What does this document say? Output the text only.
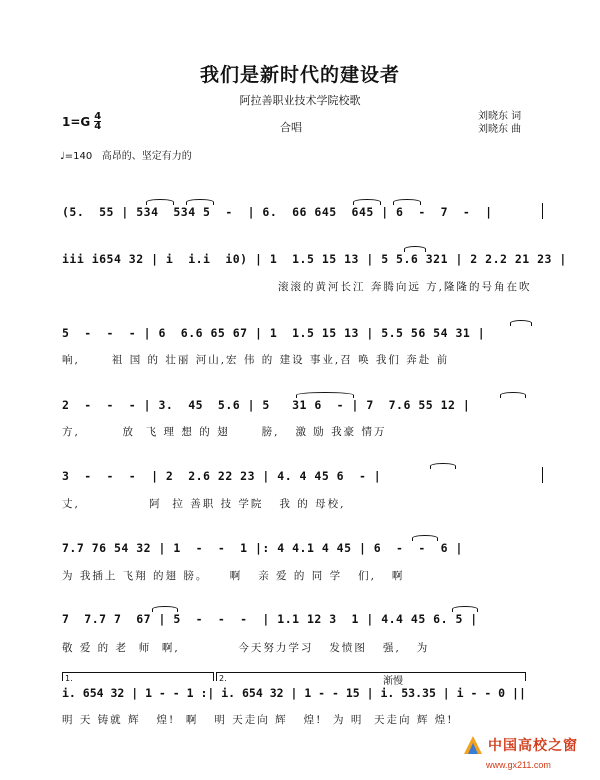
我们是新时代的建设者
阿拉善职业技术学院校歌
1=G 4
4	合唱
刘晓东 词
刘晓东 曲
♩=140 高昂的、坚定有力的
(5.  55 | 534  534 5  -  | 6.  66 645  645 | 6  -  7  -  |
iii i654 32 | i  i.i  i0) | 1  1.5 15 13 | 5 5.6 321 | 2 2.2 21 23 |
滚滚的黄河长江 奔腾向远 方,隆隆的号角在吹
5  -  -  - | 6  6.6 65 67 | 1  1.5 15 13 | 5.5 56 54 31 |
响,      祖 国 的 壮丽 河山,宏 伟 的 建设 事业,召 唤 我们 奔赴 前
2  -  -  - | 3.  45  5.6 | 5   31 6  - | 7  7.6 55 12 |
方,        放  飞 理 想 的 翅      膀,   激 励 我豪 情万
3  -  -  -  | 2  2.6 22 23 | 4. 4 45 6  - |
丈,             阿  拉 善职 技 学院   我 的 母校,
7.7 76 54 32 | 1  -  -  1 |: 4 4.1 4 45 | 6  -  -  6 |
为 我插上 飞翔 的翅 膀。    啊   亲 爱 的 同 学   们,   啊
7  7.7 7  67 | 5  -  -  -  | 1.1 12 3  1 | 4.4 45 6. 5 |
敬 爱 的 老  师  啊,           今天努力学习   发愤图   强,   为
1.	2.	渐慢
i. 654 32 | 1 - - 1 :| i. 654 32 | 1 - - 15 | i. 53.35 | i - - 0 ||
明 天 铸就 辉   煌!  啊   明 天走向 辉   煌!  为 明  天走向 辉 煌!
中国高校之窗
www.gx211.com
